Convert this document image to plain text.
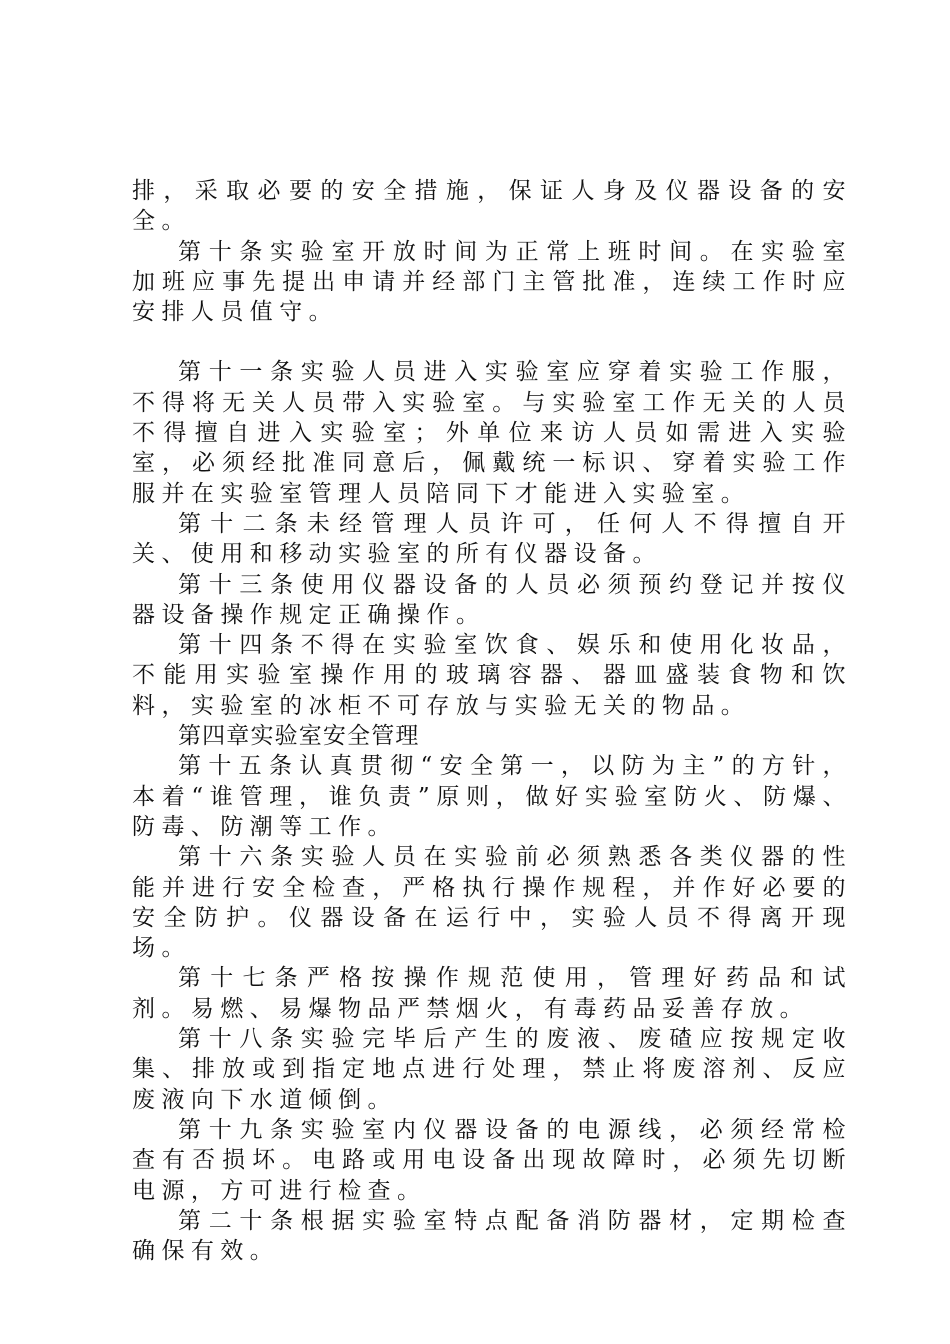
排，采取必要的安全措施，保证人身及仪器设备的安全。

第十条实验室开放时间为正常上班时间。在实验室加班应事先提出申请并经部门主管批准，连续工作时应安排人员值守。

第十一条实验人员进入实验室应穿着实验工作服，不得将无关人员带入实验室。与实验室工作无关的人员不得擅自进入实验室；外单位来访人员如需进入实验室，必须经批准同意后，佩戴统一标识、穿着实验工作服并在实验室管理人员陪同下才能进入实验室。

第十二条未经管理人员许可，任何人不得擅自开关、使用和移动实验室的所有仪器设备。

第十三条使用仪器设备的人员必须预约登记并按仪器设备操作规定正确操作。

第十四条不得在实验室饮食、娱乐和使用化妆品，不能用实验室操作用的玻璃容器、器皿盛装食物和饮料，实验室的冰柜不可存放与实验无关的物品。

第四章实验室安全管理

第十五条认真贯彻“安全第一，以防为主”的方针，本着“谁管理，谁负责”原则，做好实验室防火、防爆、防毒、防潮等工作。

第十六条实验人员在实验前必须熟悉各类仪器的性能并进行安全检查，严格执行操作规程，并作好必要的安全防护。仪器设备在运行中，实验人员不得离开现场。

第十七条严格按操作规范使用，管理好药品和试剂。易燃、易爆物品严禁烟火，有毒药品妥善存放。

第十八条实验完毕后产生的废液、废碴应按规定收集、排放或到指定地点进行处理，禁止将废溶剂、反应废液向下水道倾倒。

第十九条实验室内仪器设备的电源线，必须经常检查有否损坏。电路或用电设备出现故障时，必须先切断电源，方可进行检查。

第二十条根据实验室特点配备消防器材，定期检查确保有效。
